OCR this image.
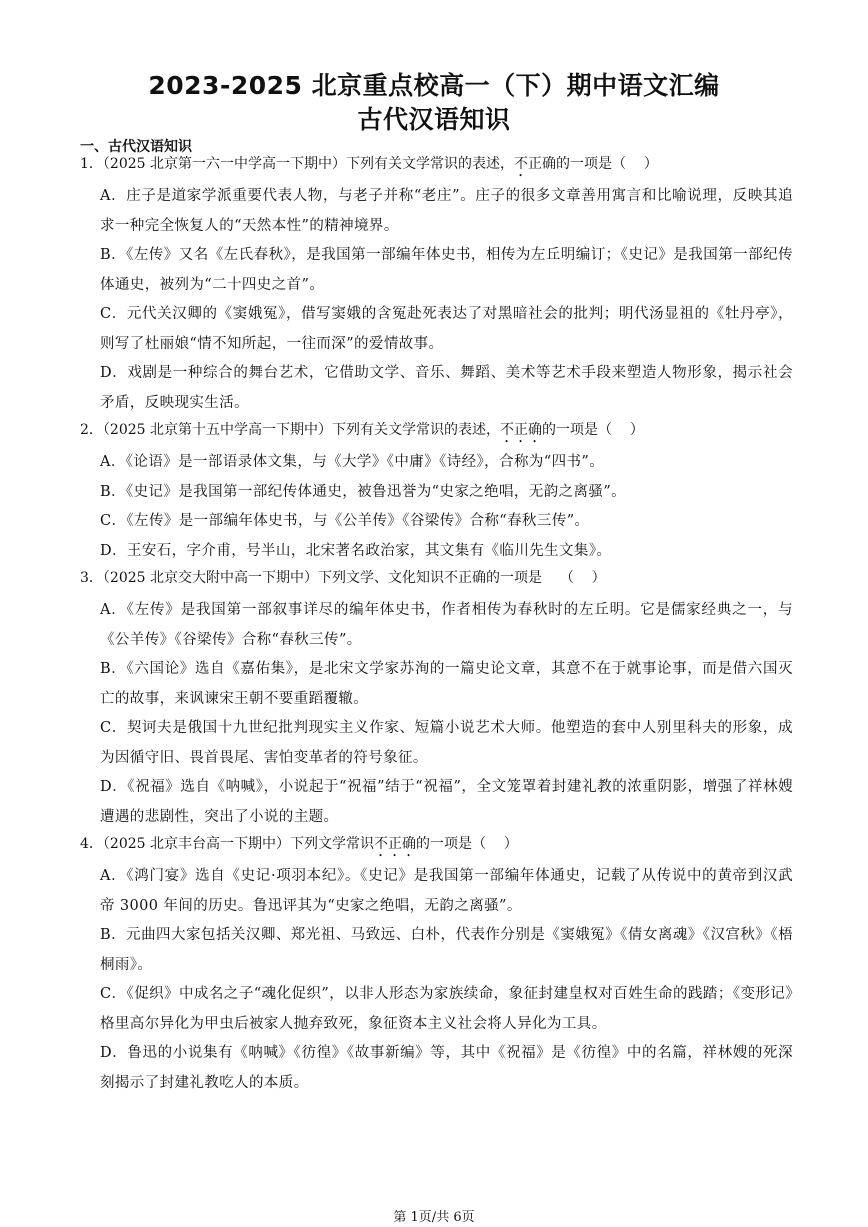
2023-2025 北京重点校高一（下）期中语文汇编
古代汉语知识
一、古代汉语知识
1．（2025 北京第一六一中学高一下期中）下列有关文学常识的表述，不正确的一项是（    ）
A．庄子是道家学派重要代表人物，与老子并称“老庄”。庄子的很多文章善用寓言和比喻说理，反映其追求一种完全恢复人的“天然本性”的精神境界。
B．《左传》又名《左氏春秋》，是我国第一部编年体史书，相传为左丘明编订；《史记》是我国第一部纪传体通史，被列为“二十四史之首”。
C．元代关汉卿的《窦娥冤》，借写窦娥的含冤赴死表达了对黑暗社会的批判；明代汤显祖的《牡丹亭》，则写了杜丽娘“情不知所起，一往而深”的爱情故事。
D．戏剧是一种综合的舞台艺术，它借助文学、音乐、舞蹈、美术等艺术手段来塑造人物形象，揭示社会矛盾，反映现实生活。
2．（2025 北京第十五中学高一下期中）下列有关文学常识的表述，不正确的一项是（    ）
A．《论语》是一部语录体文集，与《大学》《中庸》《诗经》，合称为“四书”。
B．《史记》是我国第一部纪传体通史，被鲁迅誉为“史家之绝唱，无韵之离骚”。
C．《左传》是一部编年体史书，与《公羊传》《谷梁传》合称“春秋三传”。
D．王安石，字介甫，号半山，北宋著名政治家，其文集有《临川先生文集》。
3．（2025 北京交大附中高一下期中）下列文学、文化知识不正确的一项是    （    ）
A．《左传》是我国第一部叙事详尽的编年体史书，作者相传为春秋时的左丘明。它是儒家经典之一，与《公羊传》《谷梁传》合称“春秋三传”。
B．《六国论》选自《嘉佑集》，是北宋文学家苏洵的一篇史论文章，其意不在于就事论事，而是借六国灭亡的故事，来讽谏宋王朝不要重蹈覆辙。
C．契诃夫是俄国十九世纪批判现实主义作家、短篇小说艺术大师。他塑造的套中人别里科夫的形象，成为因循守旧、畏首畏尾、害怕变革者的符号象征。
D．《祝福》选自《呐喊》，小说起于“祝福”结于“祝福”，全文笼罩着封建礼教的浓重阴影，增强了祥林嫂遭遇的悲剧性，突出了小说的主题。
4．（2025 北京丰台高一下期中）下列文学常识不正确的一项是（    ）
A．《鸿门宴》选自《史记·项羽本纪》。《史记》是我国第一部编年体通史，记载了从传说中的黄帝到汉武帝 3000 年间的历史。鲁迅评其为“史家之绝唱，无韵之离骚”。
B．元曲四大家包括关汉卿、郑光祖、马致远、白朴，代表作分别是《窦娥冤》《倩女离魂》《汉宫秋》《梧桐雨》。
C．《促织》中成名之子“魂化促织”，以非人形态为家族续命，象征封建皇权对百姓生命的践踏；《变形记》格里高尔异化为甲虫后被家人抛弃致死，象征资本主义社会将人异化为工具。
D．鲁迅的小说集有《呐喊》《彷徨》《故事新编》等，其中《祝福》是《彷徨》中的名篇，祥林嫂的死深刻揭示了封建礼教吃人的本质。
第 1页/共 6页
